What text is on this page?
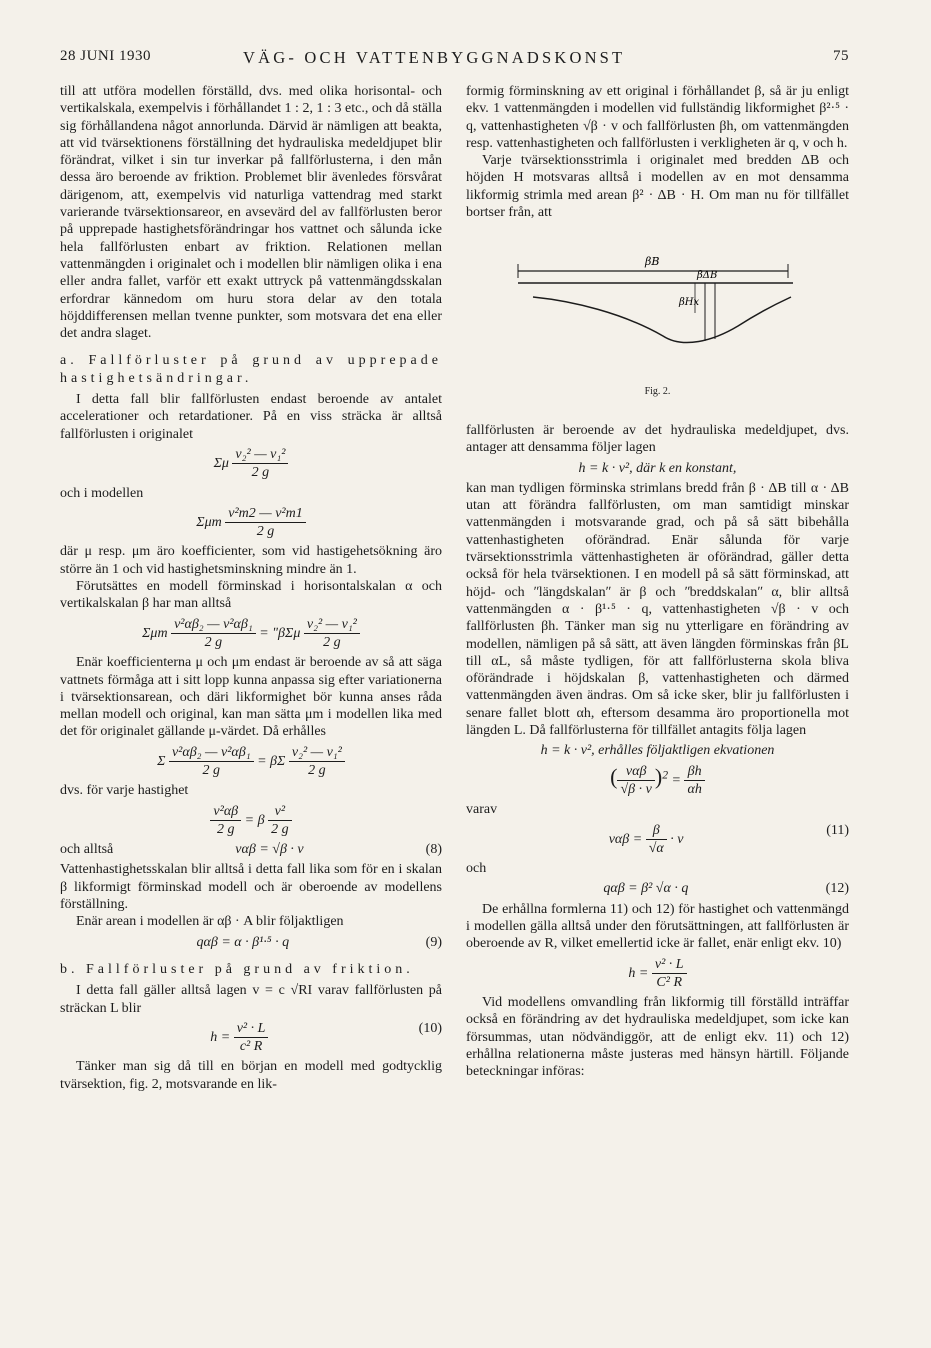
28 JUNI 1930	VÄG- OCH VATTENBYGGNADSKONST	75

till att utföra modellen förställd, dvs. med olika horisontal- och vertikalskala, exempelvis i förhållandet 1 : 2, 1 : 3 etc., och då ställa sig förhållandena något annorlunda. Därvid är nämligen att beakta, att vid tvärsektionens förställning det hydrauliska medeldjupet blir förändrat, vilket i sin tur inverkar på fallförlusterna, i den mån dessa äro beroende av friktion. Problemet blir ävenledes försvårat därigenom, att, exempelvis vid naturliga vattendrag med starkt varierande tvärsektionsareor, en avsevärd del av fallförlusten beror på upprepade hastighetsförändringar hos vattnet och sålunda icke hela fallförlusten enbart av friktion. Relationen mellan vattenmängden i originalet och i modellen blir nämligen olika i ena eller andra fallet, varför ett exakt uttryck på vattenmängdsskalan erfordrar kännedom om huru stora delar av den totala höjddifferensen mellan tvenne punkter, som motsvara det ena eller det andra slaget.

a. Fallförluster på grund av upprepade hastighetsändringar.

I detta fall blir fallförlusten endast beroende av antalet accelerationer och retardationer. På en viss sträcka är alltså fallförlusten i originalet

Σμ $\frac{\text{v₂² — v₁²}}{2 g}$

och i modellen

Σμm $\frac{\text{v²m2 — v²m1}}{2 g}$

där μ resp. μm äro koefficienter, som vid hastigehetsökning äro större än 1 och vid hastighetsminskning mindre än 1.

Förutsättes en modell förminskad i horisontalskalan α och vertikalskalan β har man alltså

Σμm $\frac{\text{v²αβ₂ — v²αβ₁}}{2 g}$ = ʺβΣμ $\frac{\text{v₂² — v₁²}}{2 g}$

Enär koefficienterna μ och μm endast är beroende av så att säga vattnets förmåga att i sitt lopp kunna anpassa sig efter variationerna i tvärsektionsarean, och däri likformighet bör kunna anses råda mellan modell och original, kan man sätta μm i modellen lika med det för originalet gällande μ-värdet. Då erhålles

Σ $\frac{\text{v²αβ₂ — v²αβ₁}}{2 g} = \beta\Sigma \frac{\text{v₂² — v₁²}}{2 g}$

dvs. för varje hastighet

$\frac{\text{v²αβ}}{2 g} = \beta \frac{\text{v²}}{2 g}$
och alltså	vαβ = √β · v	(8)

Vattenhastighetsskalan blir alltså i detta fall lika som för en i skalan β likformigt förminskad modell och är oberoende av modellens förställning.

Enär arean i modellen är αβ · A blir följaktligen

qαβ = α · β¹·⁵ · q	(9)

b. Fallförluster på grund av friktion.

I detta fall gäller alltså lagen v = c √RI varav fallförlusten på sträckan L blir

$h = \frac{\text{v² · L}}{\text{c² R}}$	(10)

Tänker man sig då till en början en modell med godtycklig tvärsektion, fig. 2, motsvarande en lik-

formig förminskning av ett original i förhållandet β, så är ju enligt ekv. 1 vattenmängden i modellen vid fullständig likformighet β²·⁵ · q, vattenhastigheten √β · v och fallförlusten βh, om vattenmängden resp. vattenhastigheten och fallförlusten i verkligheten är q, v och h.

Varje tvärsektionsstrimla i originalet med bredden ΔB och höjden H motsvaras alltså i modellen av en mot densamma likformig strimla med arean β² · ΔB · H. Om man nu för tillfället bortser från, att

βB
βΔB
βHx

Fig. 2.

fallförlusten är beroende av det hydrauliska medeldjupet, dvs. antager att densamma följer lagen

h = k · v², där k en konstant,

kan man tydligen förminska strimlans bredd från β · ΔB till α · ΔB utan att förändra fallförlusten, om man samtidigt minskar vattenmängden i motsvarande grad, och på så sätt bibehålla vattenhastigheten oförändrad. Enär sålunda för varje tvärsektionsstrimla vättenhastigheten är oförändrad, gäller detta också för hela tvärsektionen. I en modell på så sätt förminskad, att höjd- och ʺlängdskalanʺ är β och ʺbreddskalanʺ α, blir alltså vattenmängden α · β¹·⁵ · q, vattenhastigheten √β · v och fallförlusten βh. Tänker man sig nu ytterligare en förändring av modellen, nämligen på så sätt, att även längden förminskas från βL till αL, så måste tydligen, för att fallförlusterna skola bliva oförändrade i höjdskalan β, vattenhastigheten och därmed vattenmängden även ändras. Om så icke sker, blir ju fallförlusten i senare fallet blott αh, eftersom desamma äro proportionella mot längden L. Då fallförlusterna för tillfället antagits följa lagen

h = k · v², erhålles följaktligen ekvationen
( $\frac{\text{vαβ}}{√\beta \cdot v} )^2 = \frac{\beta h}{\alpha h}$

varav

$v\alpha\beta = \frac{\beta}{√\alpha} \cdot v$
(11)

och

qαβ = β² √α · q	(12)

De erhållna formlerna 11) och 12) för hastighet och vattenmängd i modellen gälla alltså under den förutsättningen, att fallförlusten är oberoende av R, vilket emellertid icke är fallet, enär enligt ekv. 10)

$h = \frac{\text{v² · L}}{\text{C² R}}$

Vid modellens omvandling från likformig till förställd inträffar också en förändring av det hydrauliska medeldjupet, som icke kan försummas, utan nödvändiggör, att de enligt ekv. 11) och 12) erhållna relationerna måste justeras med hänsyn härtill. Följande beteckningar införas:
